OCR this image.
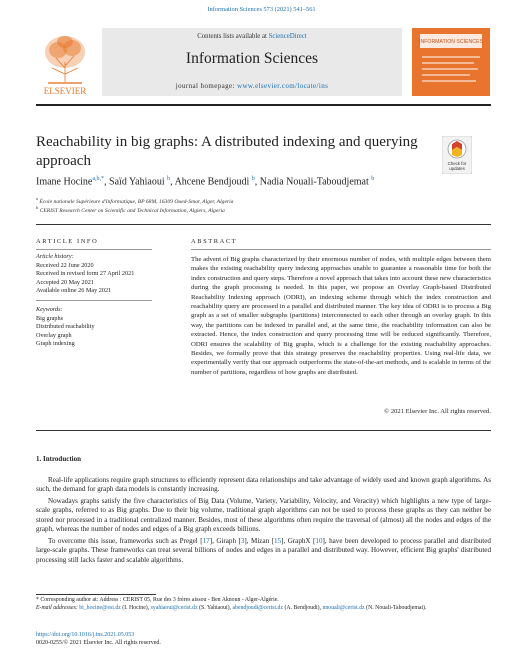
Information Sciences 573 (2021) 541–561
ELSEVIER
Contents lists available at ScienceDirect
Information Sciences
journal homepage: www.elsevier.com/locate/ins
INFORMATION SCIENCES
Reachability in big graphs: A distributed indexing and querying approach	Check for
updates
Imane Hocine$^{a,b,*}$, Saïd Yahiaoui $^b$, Ahcene Bendjoudi $^b$, Nadia Nouali-Taboudjemat $^b$
$^a$ École nationale Supérieure d'Informatique, BP 68M, 16309 Oued-Smar, Alger, Algeria
$^b$ CERIST Research Center on Scientific and Technical Information, Algiers, Algeria
ARTICLE INFO	ABSTRACT
Article history:
Received 22 June 2020
Received in revised form 27 April 2021
Accepted 20 May 2021
Available online 26 May 2021
Keywords:
Big graphs
Distributed reachability
Overlay graph
Graph indexing
The advent of Big graphs characterized by their enormous number of nodes, with multiple edges between them makes the existing reachability query indexing approaches unable to guarantee a reasonable time for both the index construction and query steps. Therefore a novel approach that takes into account these new characteristics during the graph processing is needed. In this paper, we propose an Overlay Graph-based Distributed Reachability Indexing approach (ODRI), an indexing scheme through which the index construction and reachability query are processed in a parallel and distributed manner. The key idea of ODRI is to process a Big graph as a set of smaller subgraphs (partitions) interconnected to each other through an overlay graph. In this way, the partitions can be indexed in parallel and, at the same time, the reachability information can also be extracted. Hence, the index construction and query processing time will be reduced significantly. Therefore, ODRI ensures the scalability of Big graphs, which is a challenge for the existing reachability approaches. Besides, we formally prove that this strategy preserves the reachability properties. Using real-life data, we experimentally verify that our approach outperforms the state-of-the-art methods, and is scalable in terms of the number of partitions, regardless of how graphs are distributed.
© 2021 Elsevier Inc. All rights reserved.
1. Introduction

Real-life applications require graph structures to efficiently represent data relationships and take advantage of widely used and known graph algorithms. As such, the demand for graph data models is constantly increasing.

Nowadays graphs satisfy the five characteristics of Big Data (Volume, Variety, Variability, Velocity, and Veracity) which highlights a new type of large-scale graphs, referred to as Big graphs. Due to their big volume, traditional graph algorithms can not be used to process these graphs as they can neither be stored nor processed in a traditional centralized manner. Besides, most of these algorithms often require the traversal of (almost) all the nodes and edges of the graph, whereas the number of nodes and edges of a Big graph exceeds billions.

To overcome this issue, frameworks such as Pregel [17], Giraph [3], Mizan [15], GraphX [10], have been developed to process parallel and distributed large-scale graphs. These frameworks can treat several billions of nodes and edges in a parallel and distributed way. However, efficient Big graphs' distributed processing still lacks faster and scalable algorithms.

* Corresponding author at: Address : CERIST 05, Rue des 3 frères aissou - Ben Aknoun - Alger-Algérie.
E-mail addresses: bi_hocine@esi.dz (I. Hocine), syahiaoui@cerist.dz (S. Yahiaoui), abendjoudi@cerist.dz (A. Bendjoudi), nnouali@cerist.dz (N. Nouali-Taboudjemat).
https://doi.org/10.1016/j.ins.2021.05.053
0020-0255/© 2021 Elsevier Inc. All rights reserved.
